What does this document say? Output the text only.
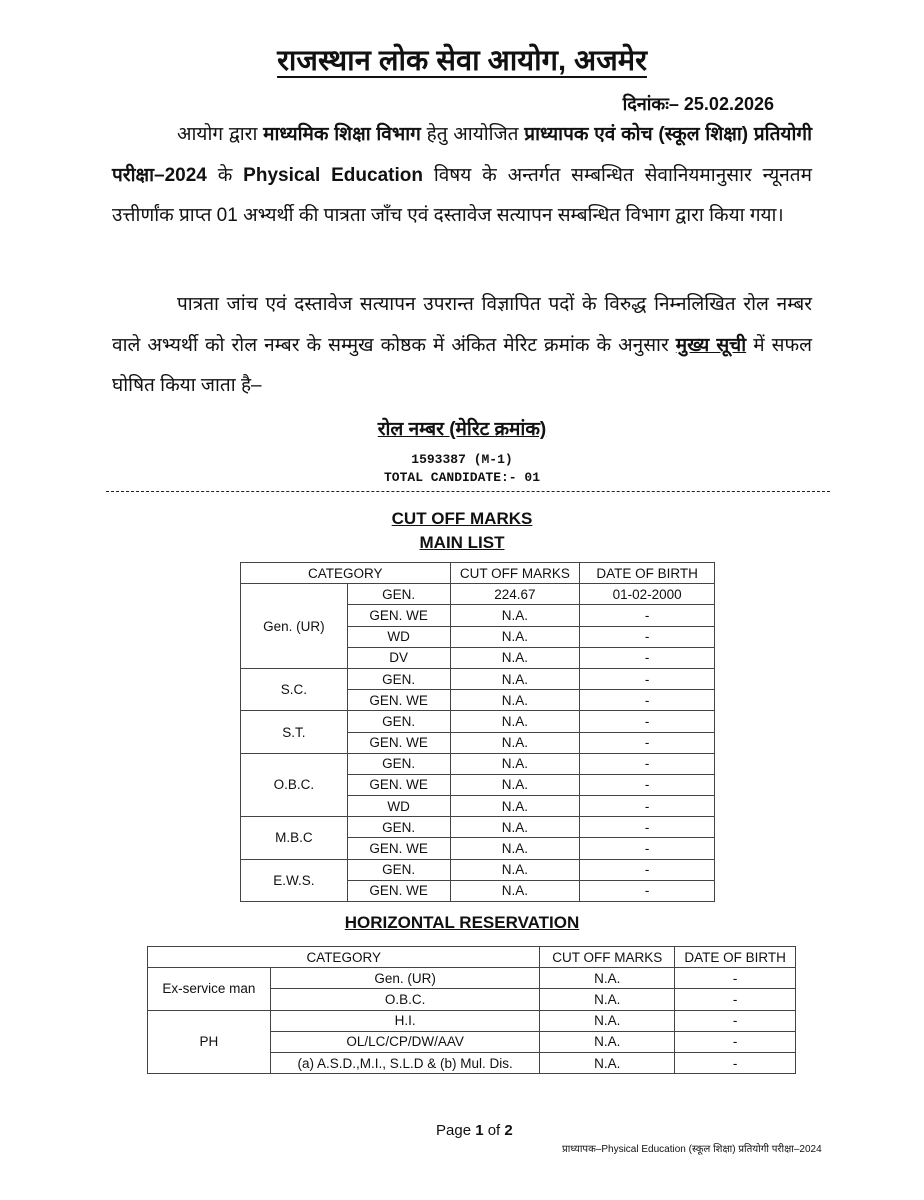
राजस्थान लोक सेवा आयोग, अजमेर
दिनांकः– 25.02.2026
आयोग द्वारा माध्यमिक शिक्षा विभाग हेतु आयोजित प्राध्यापक एवं कोच (स्कूल शिक्षा) प्रतियोगी परीक्षा–2024 के Physical Education विषय के अन्तर्गत सम्बन्धित सेवानियमानुसार न्यूनतम उत्तीर्णांक प्राप्त 01 अभ्यर्थी की पात्रता जाँच एवं दस्तावेज सत्यापन सम्बन्धित विभाग द्वारा किया गया।
पात्रता जांच एवं दस्तावेज सत्यापन उपरान्त विज्ञापित पदों के विरुद्ध निम्नलिखित रोल नम्बर वाले अभ्यर्थी को रोल नम्बर के सम्मुख कोष्ठक में अंकित मेरिट क्रमांक के अनुसार मुख्य सूची में सफल घोषित किया जाता है–
रोल नम्बर (मेरिट क्रमांक)
1593387 (M-1)
TOTAL CANDIDATE:- 01
CUT OFF MARKS
MAIN LIST
CATEGORY		CUT OFF MARKS	DATE OF BIRTH
Gen. (UR)	GEN.	224.67	01-02-2000
	GEN. WE	N.A.	-
	WD	N.A.	-
	DV	N.A.	-
S.C.	GEN.	N.A.	-
	GEN. WE	N.A.	-
S.T.	GEN.	N.A.	-
	GEN. WE	N.A.	-
O.B.C.	GEN.	N.A.	-
	GEN. WE	N.A.	-
	WD	N.A.	-
M.B.C	GEN.	N.A.	-
	GEN. WE	N.A.	-
E.W.S.	GEN.	N.A.	-
	GEN. WE	N.A.	-
HORIZONTAL RESERVATION
CATEGORY		CUT OFF MARKS	DATE OF BIRTH
Ex-service man	Gen. (UR)	N.A.	-
	O.B.C.	N.A.	-
PH	H.I.	N.A.	-
	OL/LC/CP/DW/AAV	N.A.	-
	(a) A.S.D.,M.I., S.L.D & (b) Mul. Dis.	N.A.	-
Page 1 of 2
प्राध्यापक–Physical Education (स्कूल शिक्षा) प्रतियोगी परीक्षा–2024
